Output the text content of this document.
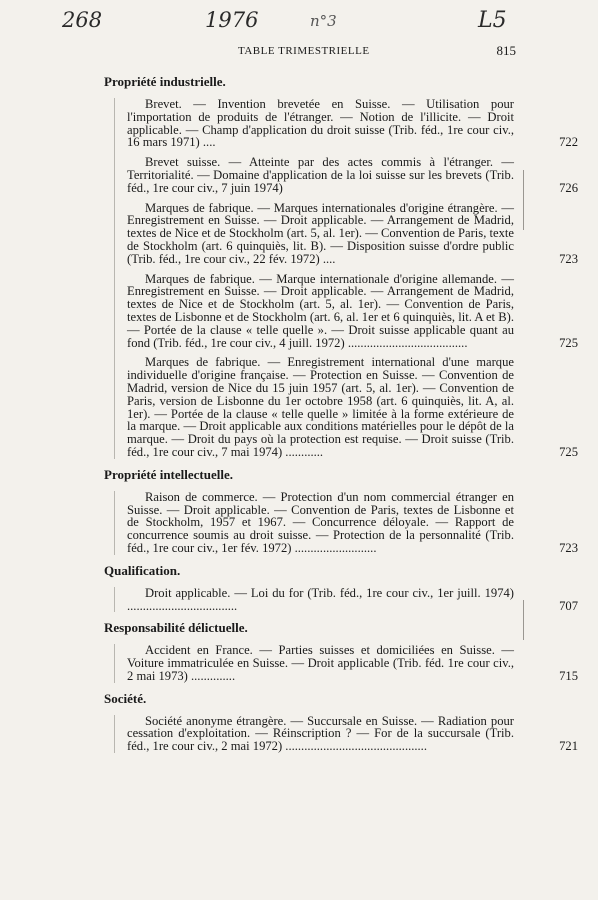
268	1976	n°3	L5
TABLE TRIMESTRIELLE	815
Propriété industrielle.
Brevet. — Invention brevetée en Suisse. — Utilisation pour l'importation de produits de l'étranger. — Notion de l'illicite. — Droit applicable. — Champ d'application du droit suisse (Trib. féd., 1re cour civ., 16 mars 1971) ....	722
Brevet suisse. — Atteinte par des actes commis à l'étranger. — Territorialité. — Domaine d'application de la loi suisse sur les brevets (Trib. féd., 1re cour civ., 7 juin 1974)	726
Marques de fabrique. — Marques internationales d'origine étrangère. — Enregistrement en Suisse. — Droit applicable. — Arrangement de Madrid, textes de Nice et de Stockholm (art. 5, al. 1er). — Convention de Paris, texte de Stockholm (art. 6 quinquiès, lit. B). — Disposition suisse d'ordre public (Trib. féd., 1re cour civ., 22 fév. 1972) ....	723
Marques de fabrique. — Marque internationale d'origine allemande. — Enregistrement en Suisse. — Droit applicable. — Arrangement de Madrid, textes de Nice et de Stockholm (art. 5, al. 1er). — Convention de Paris, textes de Lisbonne et de Stockholm (art. 6, al. 1er et 6 quinquiès, lit. A et B). — Portée de la clause « telle quelle ». — Droit suisse applicable quant au fond (Trib. féd., 1re cour civ., 4 juill. 1972) ......................................	725
Marques de fabrique. — Enregistrement international d'une marque individuelle d'origine française. — Protection en Suisse. — Convention de Madrid, version de Nice du 15 juin 1957 (art. 5, al. 1er). — Convention de Paris, version de Lisbonne du 1er octobre 1958 (art. 6 quinquiès, lit. A, al. 1er). — Portée de la clause « telle quelle » limitée à la forme extérieure de la marque. — Droit applicable aux conditions matérielles pour le dépôt de la marque. — Droit du pays où la protection est requise. — Droit suisse (Trib. féd., 1re cour civ., 7 mai 1974) ............	725
Propriété intellectuelle.
Raison de commerce. — Protection d'un nom commercial étranger en Suisse. — Droit applicable. — Convention de Paris, textes de Lisbonne et de Stockholm, 1957 et 1967. — Concurrence déloyale. — Rapport de concurrence soumis au droit suisse. — Protection de la personnalité (Trib. féd., 1re cour civ., 1er fév. 1972) ..........................	723
Qualification.
Droit applicable. — Loi du for (Trib. féd., 1re cour civ., 1er juill. 1974) ...................................	707
Responsabilité délictuelle.
Accident en France. — Parties suisses et domiciliées en Suisse. — Voiture immatriculée en Suisse. — Droit applicable (Trib. féd. 1re cour civ., 2 mai 1973) ..............	715
Société.
Société anonyme étrangère. — Succursale en Suisse. — Radiation pour cessation d'exploitation. — Réinscription ? — For de la succursale (Trib. féd., 1re cour civ., 2 mai 1972) .............................................	721
